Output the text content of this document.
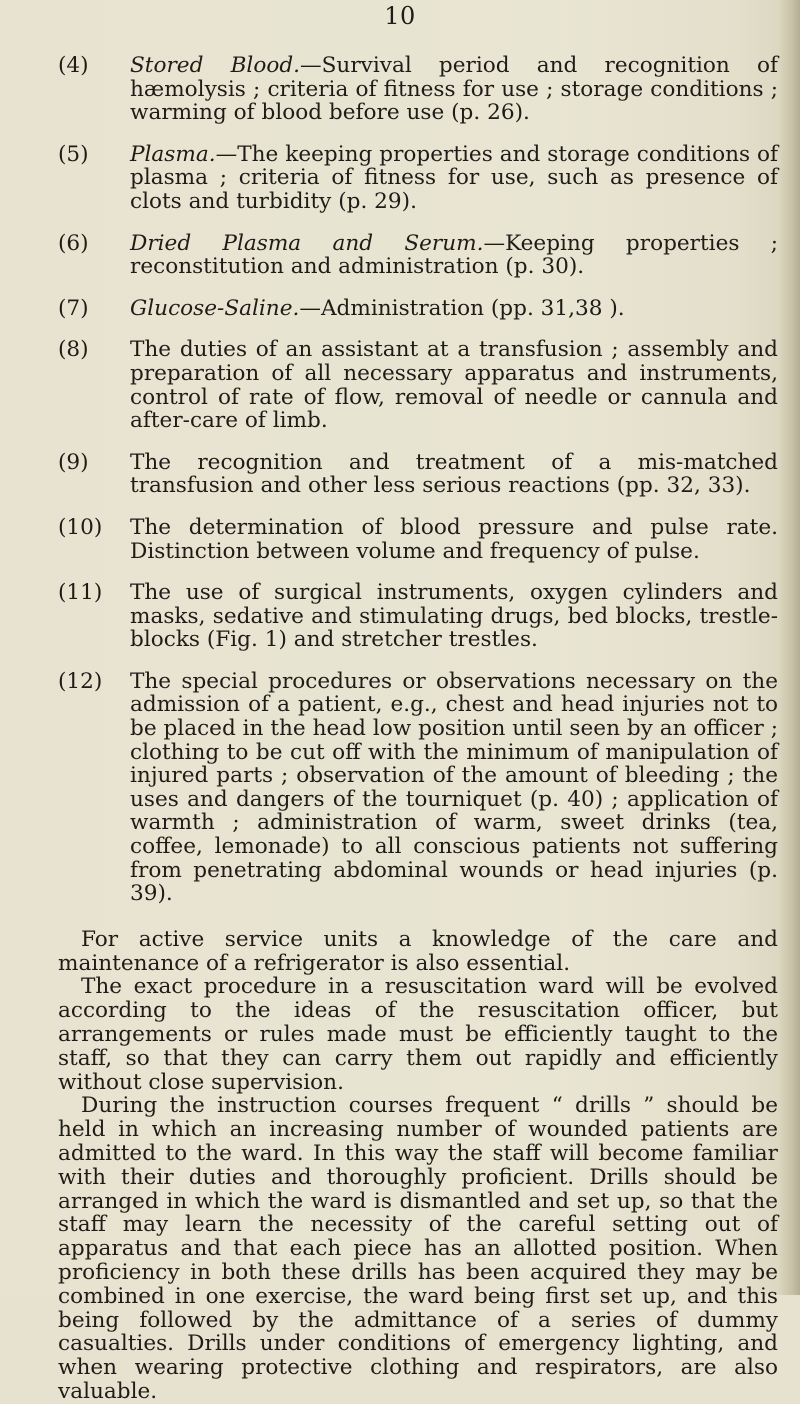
10
(4)	Stored Blood.—Survival period and recognition of hæmolysis ; criteria of fitness for use ; storage conditions ; warming of blood before use (p. 26).
(5)	Plasma.—The keeping properties and storage conditions of plasma ; criteria of fitness for use, such as presence of clots and turbidity (p. 29).
(6)	Dried Plasma and Serum.—Keeping properties ; reconstitution and administration (p. 30).
(7)	Glucose-Saline.—Administration (pp. 31,38 ).
(8)	The duties of an assistant at a transfusion ; assembly and preparation of all necessary apparatus and instruments, control of rate of flow, removal of needle or cannula and after-care of limb.
(9)	The recognition and treatment of a mis-matched transfusion and other less serious reactions (pp. 32, 33).
(10)	The determination of blood pressure and pulse rate. Distinction between volume and frequency of pulse.
(11)	The use of surgical instruments, oxygen cylinders and masks, sedative and stimulating drugs, bed blocks, trestle-blocks (Fig. 1) and stretcher trestles.
(12)	The special procedures or observations necessary on the admission of a patient, e.g., chest and head injuries not to be placed in the head low position until seen by an officer ; clothing to be cut off with the minimum of manipulation of injured parts ; observation of the amount of bleeding ; the uses and dangers of the tourniquet (p. 40) ; application of warmth ; administration of warm, sweet drinks (tea, coffee, lemonade) to all conscious patients not suffering from penetrating abdominal wounds or head injuries (p. 39).

For active service units a knowledge of the care and maintenance of a refrigerator is also essential.

The exact procedure in a resuscitation ward will be evolved according to the ideas of the resuscitation officer, but arrangements or rules made must be efficiently taught to the staff, so that they can carry them out rapidly and efficiently without close supervision.

During the instruction courses frequent “ drills ” should be held in which an increasing number of wounded patients are admitted to the ward. In this way the staff will become familiar with their duties and thoroughly proficient. Drills should be arranged in which the ward is dismantled and set up, so that the staff may learn the necessity of the careful setting out of apparatus and that each piece has an allotted position. When proficiency in both these drills has been acquired they may be combined in one exercise, the ward being first set up, and this being followed by the admittance of a series of dummy casualties. Drills under conditions of emergency lighting, and when wearing protective clothing and respirators, are also valuable.
